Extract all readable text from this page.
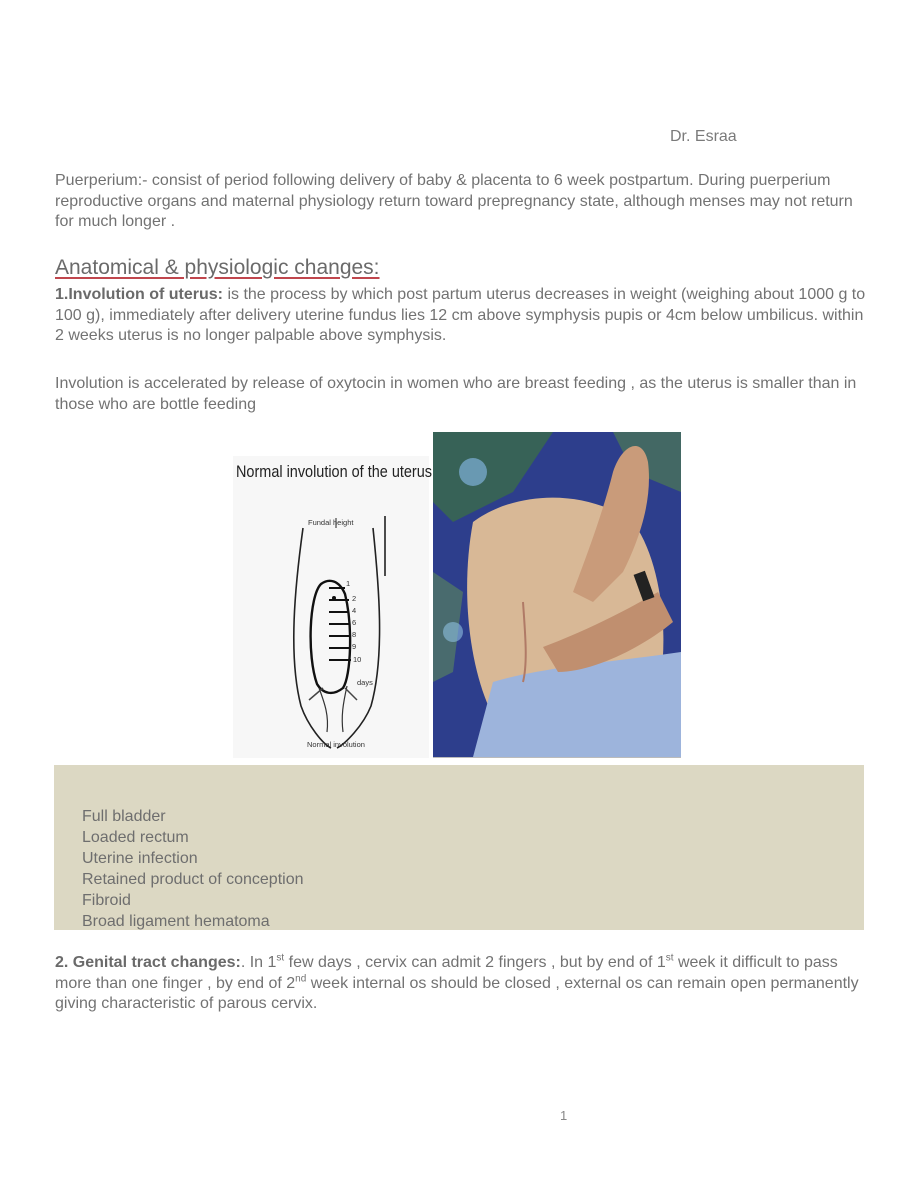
Dr. Esraa
Puerperium:- consist of period following delivery of baby & placenta to 6 week postpartum. During puerperium reproductive organs and maternal physiology return toward prepregnancy state, although menses may not return for much longer .
Anatomical & physiologic changes:
1.Involution of uterus: is the process by which post partum uterus decreases in weight (weighing about 1000 g to 100 g), immediately after delivery uterine fundus lies 12 cm above symphysis pupis or 4cm below umbilicus. within 2 weeks uterus is no longer palpable above symphysis.
Involution is accelerated by release of oxytocin in women who are breast feeding , as the uterus is smaller than in those who are bottle feeding
Normal involution of the uterus
Fundal height
1
2
4
6
8
9
10
days
Normal involution
Full bladder
Loaded rectum
Uterine infection
Retained product of conception
Fibroid
Broad ligament hematoma
2. Genital tract changes:. In 1st few days , cervix can admit 2 fingers , but by end of 1st week it difficult to pass more than one finger , by end of 2nd week internal os should be closed , external os can remain open permanently giving characteristic of parous cervix.
1
